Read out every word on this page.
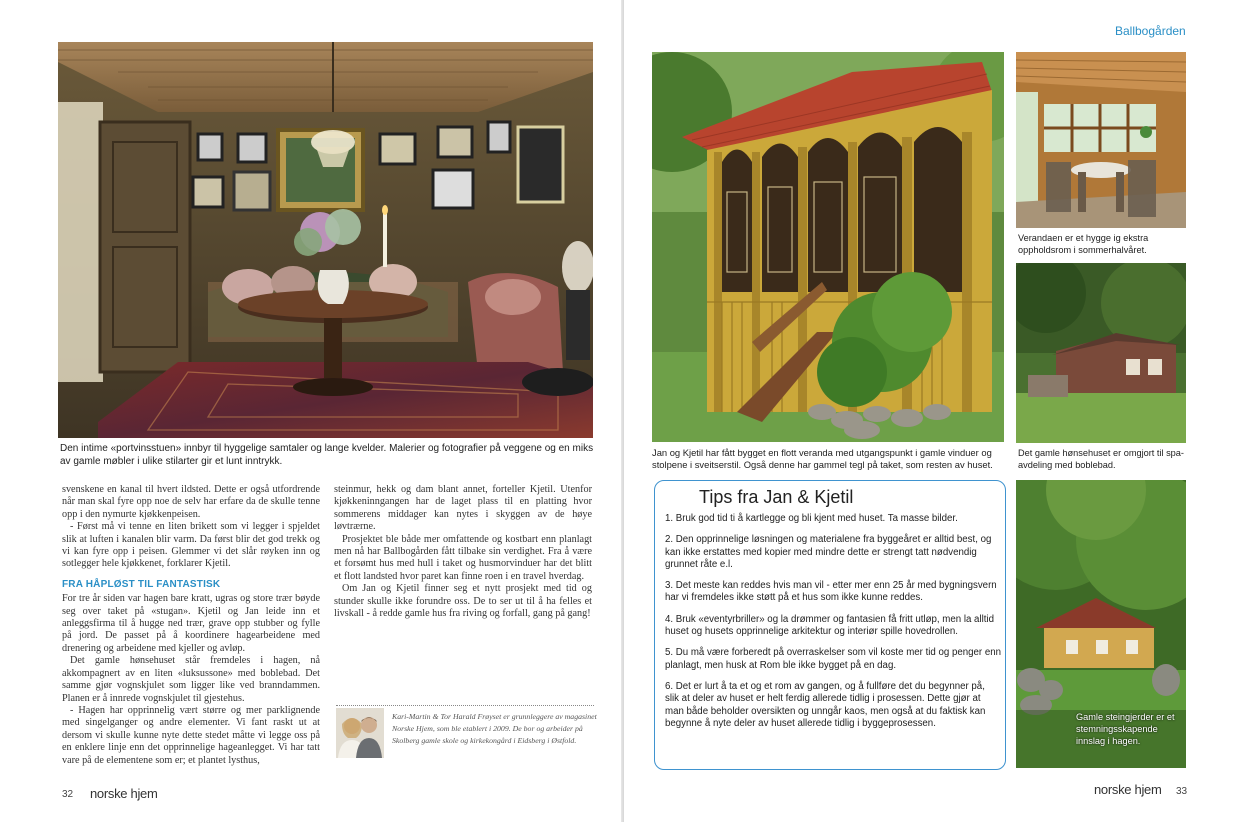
Den intime «portvinsstuen» innbyr til hyggelige samtaler og lange kvelder. Malerier og fotografier på veggene og en miks av gamle møbler i ulike stilarter gir et lunt inntrykk.

svenskene en kanal til hvert ildsted. Dette er også utfordrende når man skal fyre opp noe de selv har erfare da de skulle tenne opp i den nymurte kjøkkenpeisen.

- Først må vi tenne en liten brikett som vi legger i spjeldet slik at luften i kanalen blir varm. Da først blir det god trekk og vi kan fyre opp i peisen. Glemmer vi det slår røyken inn og sotlegger hele kjøkkenet, forklarer Kjetil.

FRA HÅPLØST TIL FANTASTISK

For tre år siden var hagen bare kratt, ugras og store trær bøyde seg over taket på «stugan». Kjetil og Jan leide inn et anleggsfirma til å hugge ned trær, grave opp stubber og fylle på jord. De passet på å koordinere hagearbeidene med drenering og arbeidene med kjeller og avløp.

Det gamle hønsehuset står fremdeles i hagen, nå akkompagnert av en liten «luksussone» med boblebad. Det samme gjør vognskjulet som ligger like ved branndammen. Planen er å innrede vognskjulet til gjestehus.

- Hagen har opprinnelig vært større og mer parklignende med singelganger og andre elementer. Vi fant raskt ut at dersom vi skulle kunne nyte dette stedet måtte vi legge oss på en enklere linje enn det opprinnelige hageanlegget. Vi har tatt vare på de elementene som er; et plantet lysthus,

steinmur, hekk og dam blant annet, forteller Kjetil. Utenfor kjøkkeninngangen har de laget plass til en platting hvor sommerens middager kan nytes i skyggen av de høye løvtrærne.

Prosjektet ble både mer omfattende og kostbart enn planlagt men nå har Ballbogården fått tilbake sin verdighet. Fra å være et forsømt hus med hull i taket og husmorvinduer har det blitt et flott landsted hvor paret kan finne roen i en travel hverdag.

Om Jan og Kjetil finner seg et nytt prosjekt med tid og stunder skulle ikke forundre oss. De to ser ut til å ha felles et livskall - å redde gamle hus fra riving og forfall, gang på gang!

Kari-Martin & Tor Harald Frøyset er grunnleggere av magasinet
Norske Hjem, som ble etablert i 2009. De bor og arbeider på
Skolberg gamle skole og kirkekongård i Eidsberg i Østfold.
32 norske hjem
Ballbogården
Jan og Kjetil har fått bygget en flott veranda med utgangspunkt i gamle vinduer og stolpene i sveitserstil. Også denne har gammel tegl på taket, som resten av huset.
Verandaen er et hygge ig ekstra oppholdsrom i sommerhalvåret.
Det gamle hønsehuset er omgjort til spa-avdeling med boblebad.
Gamle steingjerder er et stemningsskapende innslag i hagen.
Tips fra Jan & Kjetil
1. Bruk god tid ti å kartlegge og bli kjent med huset. Ta masse bilder.
2. Den opprinnelige løsningen og materialene fra byggeåret er alltid best, og kan ikke erstattes med kopier med mindre dette er strengt tatt nødvendig grunnet råte e.l.
3. Det meste kan reddes hvis man vil - etter mer enn 25 år med bygningsvern har vi fremdeles ikke støtt på et hus som ikke kunne reddes.
4. Bruk «eventyrbriller» og la drømmer og fantasien få fritt utløp, men la alltid huset og husets opprinnelige arkitektur og interiør spille hovedrollen.
5. Du må være forberedt på overraskelser som vil koste mer tid og penger enn planlagt, men husk at Rom ble ikke bygget på en dag.
6. Det er lurt å ta et og et rom av gangen, og å fullføre det du begynner på, slik at deler av huset er helt ferdig allerede tidlig i prosessen. Dette gjør at man både beholder oversikten og unngår kaos, men også at du faktisk kan begynne å nyte deler av huset allerede tidlig i byggeprosessen.
norske hjem 33
